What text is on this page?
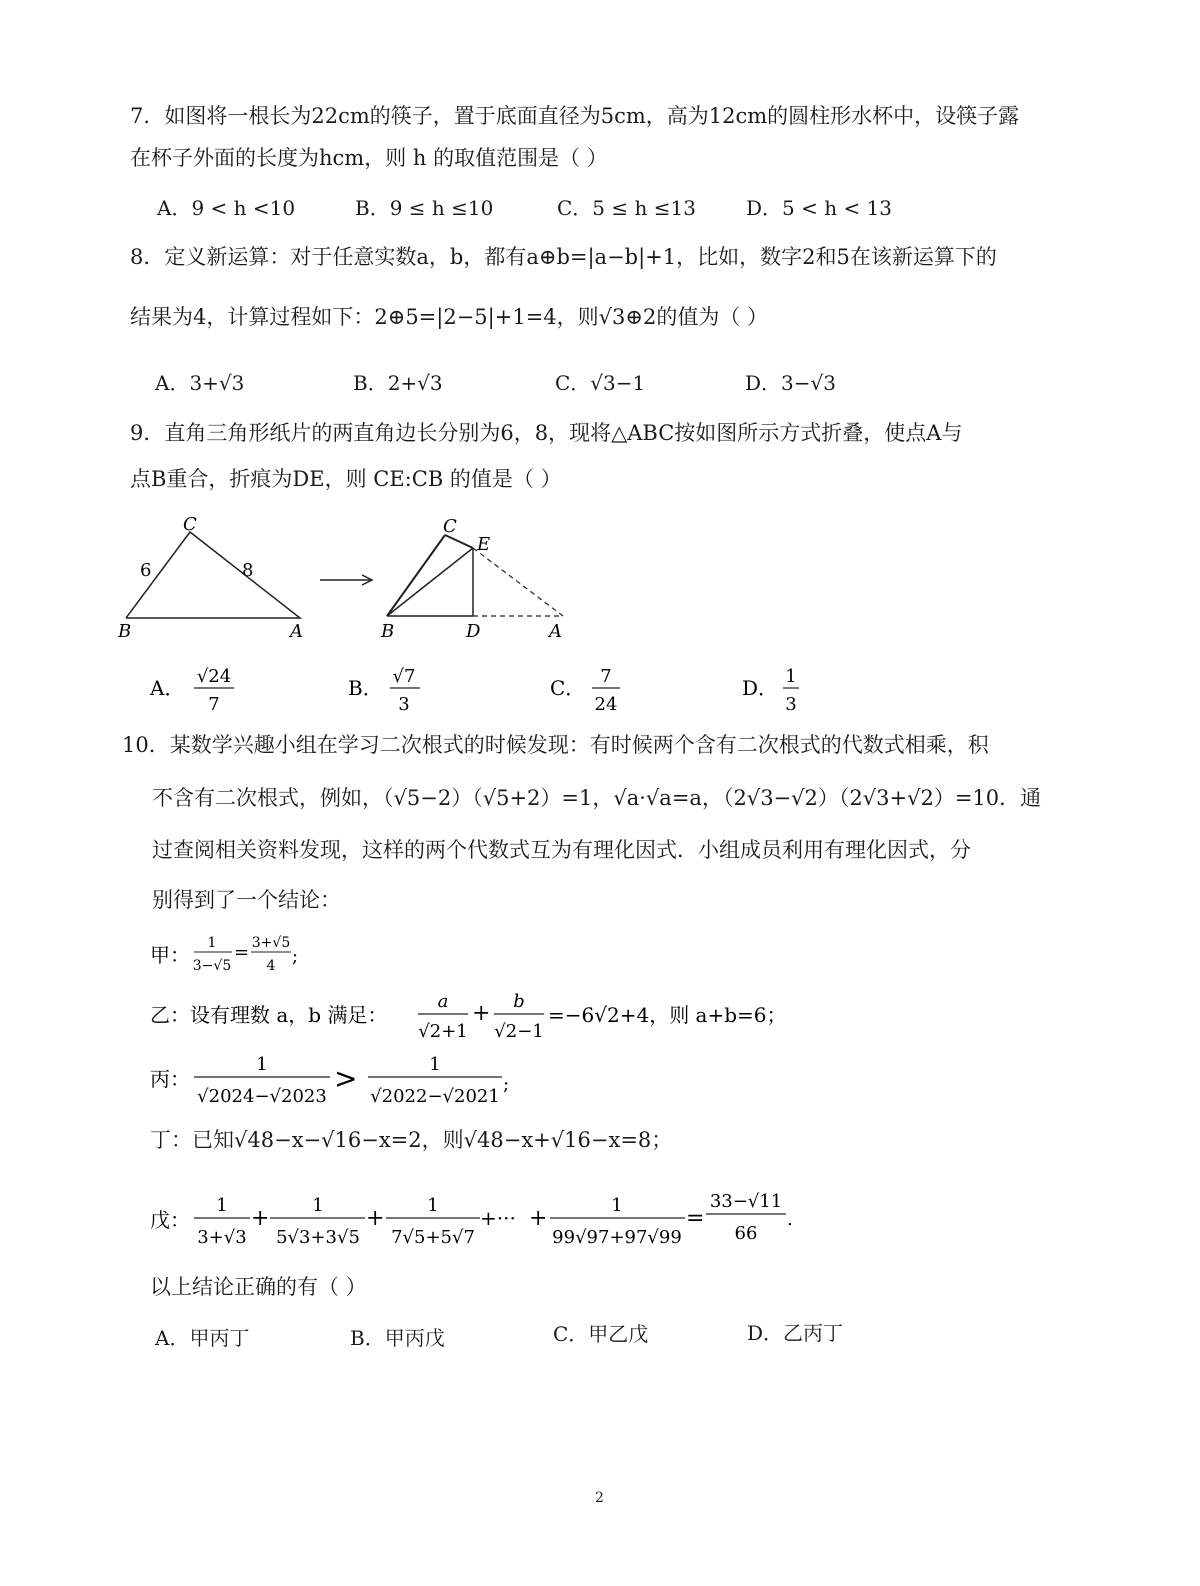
7．如图将一根长为22cm的筷子，置于底面直径为5cm，高为12cm的圆柱形水杯中，设筷子露
在杯子外面的长度为hcm，则 h 的取值范围是（ ）
A．9 < h <10	B．9 ≤ h ≤10	C．5 ≤ h ≤13	D．5 < h < 13
8．定义新运算：对于任意实数a，b，都有a⊕b=|a−b|+1，比如，数字2和5在该新运算下的
结果为4，计算过程如下：2⊕5=|2−5|+1=4，则√3⊕2的值为（ ）
A．3+√3	B．2+√3	C．√3−1	D．3−√3
9．直角三角形纸片的两直角边长分别为6，8，现将△ABC按如图所示方式折叠，使点A与
点B重合，折痕为DE，则 CE:CB 的值是（ ）
C
B	A
6	8
C
E
B	D	A
A． √24
7
B． √7
3
C． 7
24
D． 1
3
10．某数学兴趣小组在学习二次根式的时候发现：有时候两个含有二次根式的代数式相乘，积
不含有二次根式，例如，（√5−2）（√5+2）=1，√a·√a=a，（2√3−√2）（2√3+√2）=10．通
过查阅相关资料发现，这样的两个代数式互为有理化因式．小组成员利用有理化因式，分
别得到了一个结论：
甲： 1
3−√5
= 3+√5
4 ;
乙：设有理数 a，b 满足：
a
√2+1
+ b
√2−1
=−6√2+4，则 a+b=6；
丙：
1
√2024−√2023
>	1
√2022−√2021
;
丁：已知√48−x−√16−x=2，则√48−x+√16−x=8；
戊：
1
3+√3
+
1
5√3+3√5
+
1
7√5+5√7
+··· +
1
99√97+97√99
=
33−√11
66
.
以上结论正确的有（ ）
A．甲丙丁	B．甲丙戊	C．甲乙戊	D．乙丙丁
2
